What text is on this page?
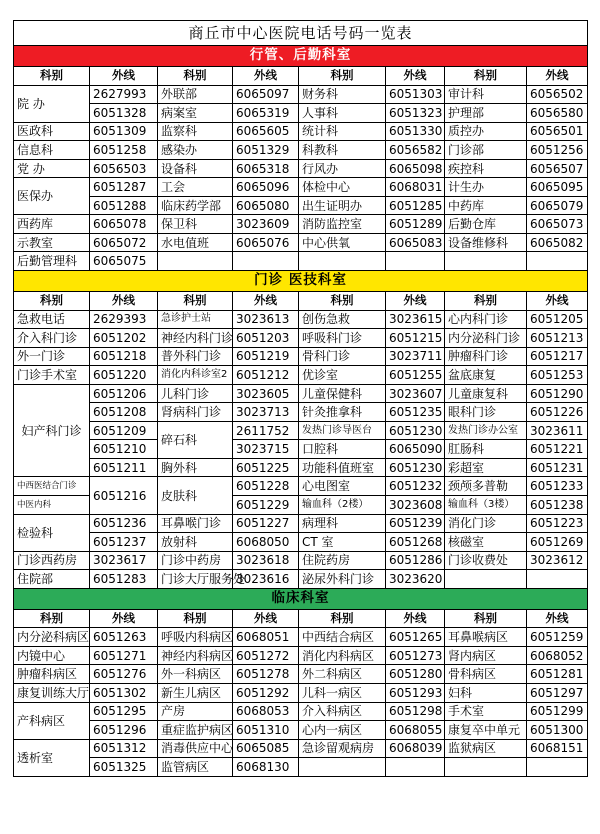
商丘市中心医院电话号码一览表							
行管、后勤科室							
科别	外线	科别	外线	科别	外线	科别	外线
院 办	2627993	外联部	6065097	财务科	6051303	审计科	6056502
	6051328	病案室	6065319	人事科	6051323	护理部	6056580
医政科	6051309	监察科	6065605	统计科	6051330	质控办	6056501
信息科	6051258	感染办	6051329	科教科	6056582	门诊部	6051256
党 办	6056503	设备科	6065318	行风办	6065098	疾控科	6056507
医保办	6051287	工会	6065096	体检中心	6068031	计生办	6065095
	6051288	临床药学部	6065080	出生证明办	6051285	中药库	6065079
西药库	6065078	保卫科	3023609	消防监控室	6051289	后勤仓库	6065073
示教室	6065072	水电值班	6065076	中心供氧	6065083	设备维修科	6065082
后勤管理科	6065075						
门诊 医技科室							
科别	外线	科别	外线	科别	外线	科别	外线
急救电话	2629393	急诊护士站	3023613	创伤急救	3023615	心内科门诊	6051205
介入科门诊	6051202	神经内科门诊	6051203	呼吸科门诊	6051215	内分泌科门诊	6051213
外一门诊	6051218	普外科门诊	6051219	骨科门诊	3023711	肿瘤科门诊	6051217
门诊手术室	6051220	消化内科诊室2	6051212	优诊室	6051255	盆底康复	6051253
妇产科门诊	6051206	儿科门诊	3023605	儿童保健科	3023607	儿童康复科	6051290
	6051208	肾病科门诊	3023713	针灸推拿科	6051235	眼科门诊	6051226
	6051209	碎石科	2611752	发热门诊导医台	6051230	发热门诊办公室	3023611
	6051210		3023715	口腔科	6065090	肛肠科	6051221
	6051211	胸外科	6051225	功能科值班室	6051230	彩超室	6051231
中西医结合门诊	6051216	皮肤科	6051228	心电图室	6051232	颈颅多普勒	6051233
中医内科			6051229	输血科（2楼）	3023608	输血科（3楼）	6051238
检验科	6051236	耳鼻喉门诊	6051227	病理科	6051239	消化门诊	6051223
	6051237	放射科	6068050	CT 室	6051268	核磁室	6051269
门诊西药房	3023617	门诊中药房	3023618	住院药房	6051286	门诊收费处	3023612
住院部	6051283	门诊大厅服务处	3023616	泌尿外科门诊	3023620		
临床科室							
科别	外线	科别	外线	科别	外线	科别	外线
内分泌科病区	6051263	呼吸内科病区	6068051	中西结合病区	6051265	耳鼻喉病区	6051259
内镜中心	6051271	神经内科病区	6051272	消化内科病区	6051273	肾内病区	6068052
肿瘤科病区	6051276	外一科病区	6051278	外二科病区	6051280	骨科病区	6051281
康复训练大厅	6051302	新生儿病区	6051292	儿科一病区	6051293	妇科	6051297
产科病区	6051295	产房	6068053	介入科病区	6051298	手术室	6051299
	6051296	重症监护病区	6051310	心内一病区	6068055	康复卒中单元	6051300
透析室	6051312	消毒供应中心	6065085	急诊留观病房	6068039	监狱病区	6068151
	6051325	监管病区	6068130				
